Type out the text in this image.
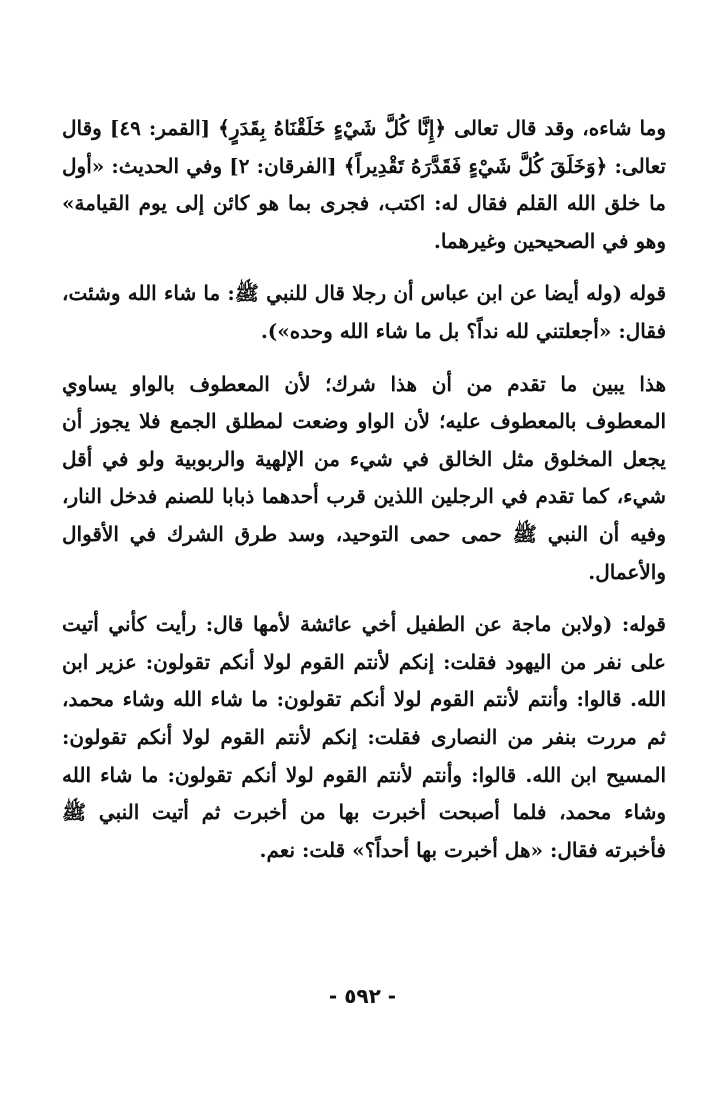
وما شاءه، وقد قال تعالى ﴿إِنَّا كُلَّ شَيْءٍ خَلَقْنَاهُ بِقَدَرٍ﴾ [القمر: ٤٩] وقال تعالى: ﴿وَخَلَقَ كُلَّ شَيْءٍ فَقَدَّرَهُ تَقْدِيراً﴾ [الفرقان: ٢] وفي الحديث: «أول ما خلق الله القلم فقال له: اكتب، فجرى بما هو كائن إلى يوم القيامة» وهو في الصحيحين وغيرهما.

قوله (وله أيضا عن ابن عباس أن رجلا قال للنبي ﷺ: ما شاء الله وشئت، فقال: «أجعلتني لله نداً؟ بل ما شاء الله وحده»).

هذا يبين ما تقدم من أن هذا شرك؛ لأن المعطوف بالواو يساوي المعطوف بالمعطوف عليه؛ لأن الواو وضعت لمطلق الجمع فلا يجوز أن يجعل المخلوق مثل الخالق في شيء من الإلهية والربوبية ولو في أقل شيء، كما تقدم في الرجلين اللذين قرب أحدهما ذبابا للصنم فدخل النار، وفيه أن النبي ﷺ حمى حمى التوحيد، وسد طرق الشرك في الأقوال والأعمال.

قوله: (ولابن ماجة عن الطفيل أخي عائشة لأمها قال: رأيت كأني أتيت على نفر من اليهود فقلت: إنكم لأنتم القوم لولا أنكم تقولون: عزير ابن الله. قالوا: وأنتم لأنتم القوم لولا أنكم تقولون: ما شاء الله وشاء محمد، ثم مررت بنفر من النصارى فقلت: إنكم لأنتم القوم لولا أنكم تقولون: المسيح ابن الله. قالوا: وأنتم لأنتم القوم لولا أنكم تقولون: ما شاء الله وشاء محمد، فلما أصبحت أخبرت بها من أخبرت ثم أتيت النبي ﷺ فأخبرته فقال: «هل أخبرت بها أحداً؟» قلت: نعم.

- ٥٩٢ -
